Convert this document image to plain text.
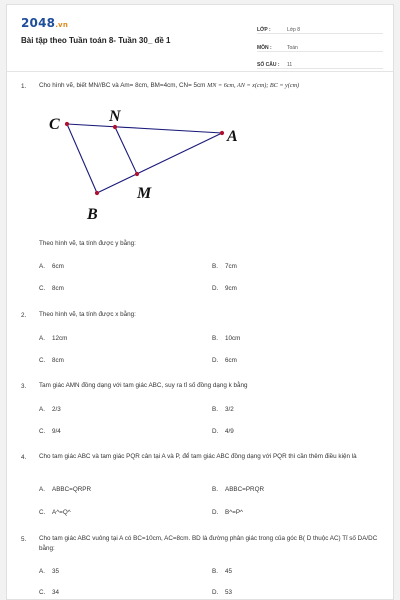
2048.vn
Bài tập theo Tuần toán 8- Tuần 30_ đề 1
LỚP :	Lớp 8
MÔN :	Toán
SỐ CÂU :	11
1. Cho hình vẽ, biết MN//BC và Am= 8cm, BM=4cm, CN= 5cm MN = 6cm, AN = x(cm); BC = y(cm)
C	N
A
M
B
Theo hình vẽ, ta tính được y bằng:
A. 6cm	B. 7cm
C. 8cm	D. 9cm
2. Theo hình vẽ, ta tính được x bằng:
A. 12cm	B. 10cm
C. 8cm	D. 6cm
3. Tam giác AMN đồng dạng với tam giác ABC, suy ra tỉ số đồng dạng k bằng
A. 2/3	B. 3/2
C. 9/4	D. 4/9
4. Cho tam giác ABC và tam giác PQR cân tại A và P, để tam giác ABC đồng dạng với PQR thì cần thêm điều kiện là
A. ABBC=QRPR	B. ABBC=PRQR
C. A^=Q^	D. B^=P^
5. Cho tam giác ABC vuông tại A có BC=10cm, AC=8cm. BD là đường phân giác trong của góc B( D thuộc AC) Tỉ số DA/DC bằng:
A. 35	B. 45
C. 34	D. 53
